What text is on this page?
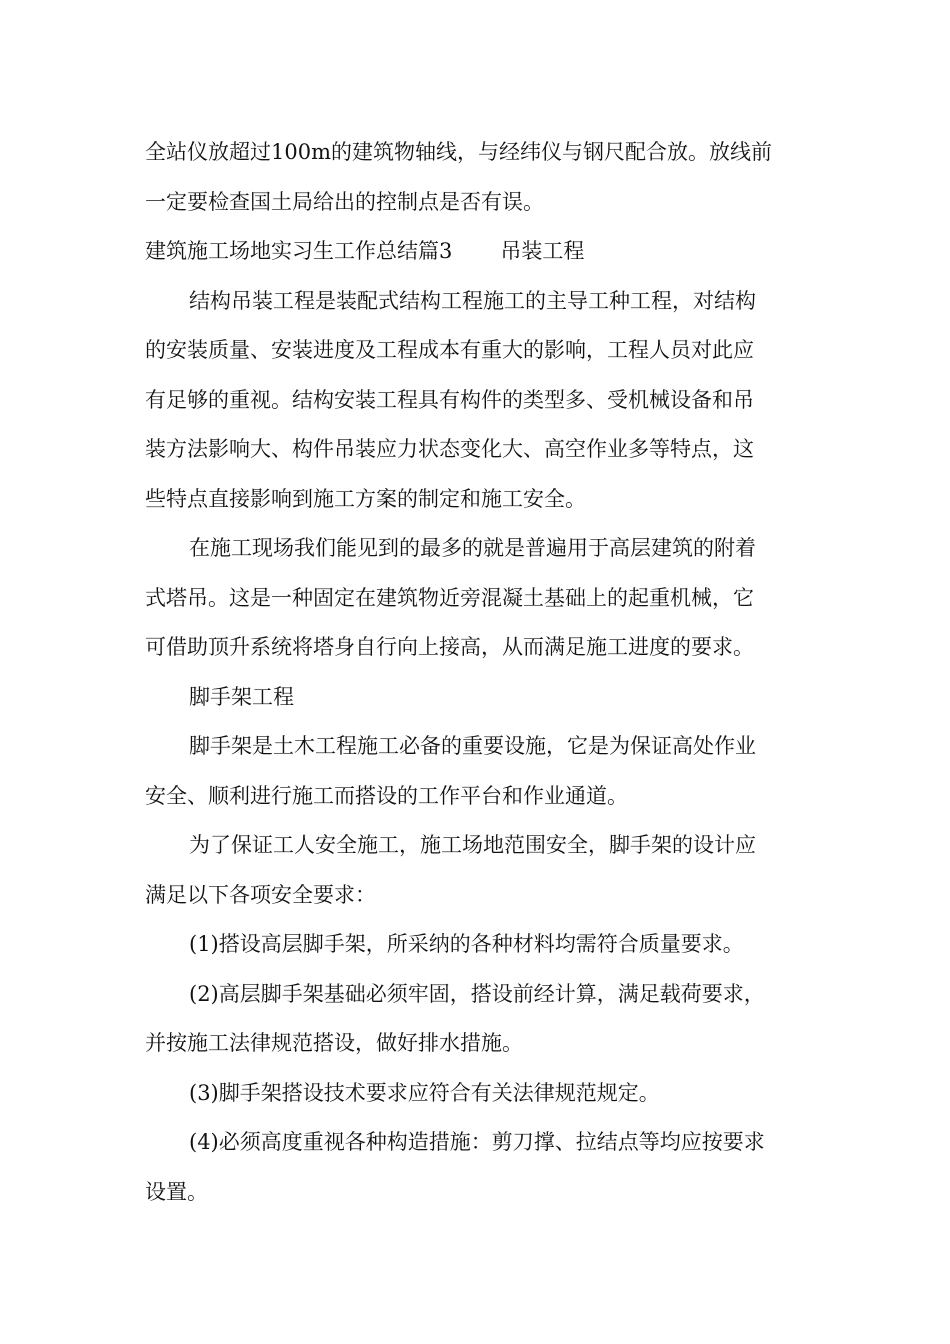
全站仪放超过100m的建筑物轴线，与经纬仪与钢尺配合放。放线前
一定要检查国土局给出的控制点是否有误。
建筑施工场地实习生工作总结篇3 吊装工程
结构吊装工程是装配式结构工程施工的主导工种工程，对结构
的安装质量、安装进度及工程成本有重大的影响，工程人员对此应
有足够的重视。结构安装工程具有构件的类型多、受机械设备和吊
装方法影响大、构件吊装应力状态变化大、高空作业多等特点，这
些特点直接影响到施工方案的制定和施工安全。
在施工现场我们能见到的最多的就是普遍用于高层建筑的附着
式塔吊。这是一种固定在建筑物近旁混凝土基础上的起重机械，它
可借助顶升系统将塔身自行向上接高，从而满足施工进度的要求。
脚手架工程
脚手架是土木工程施工必备的重要设施，它是为保证高处作业
安全、顺利进行施工而搭设的工作平台和作业通道。
为了保证工人安全施工，施工场地范围安全，脚手架的设计应
满足以下各项安全要求：
(1)搭设高层脚手架，所采纳的各种材料均需符合质量要求。
(2)高层脚手架基础必须牢固，搭设前经计算，满足载荷要求，
并按施工法律规范搭设，做好排水措施。
(3)脚手架搭设技术要求应符合有关法律规范规定。
(4)必须高度重视各种构造措施：剪刀撑、拉结点等均应按要求
设置。
